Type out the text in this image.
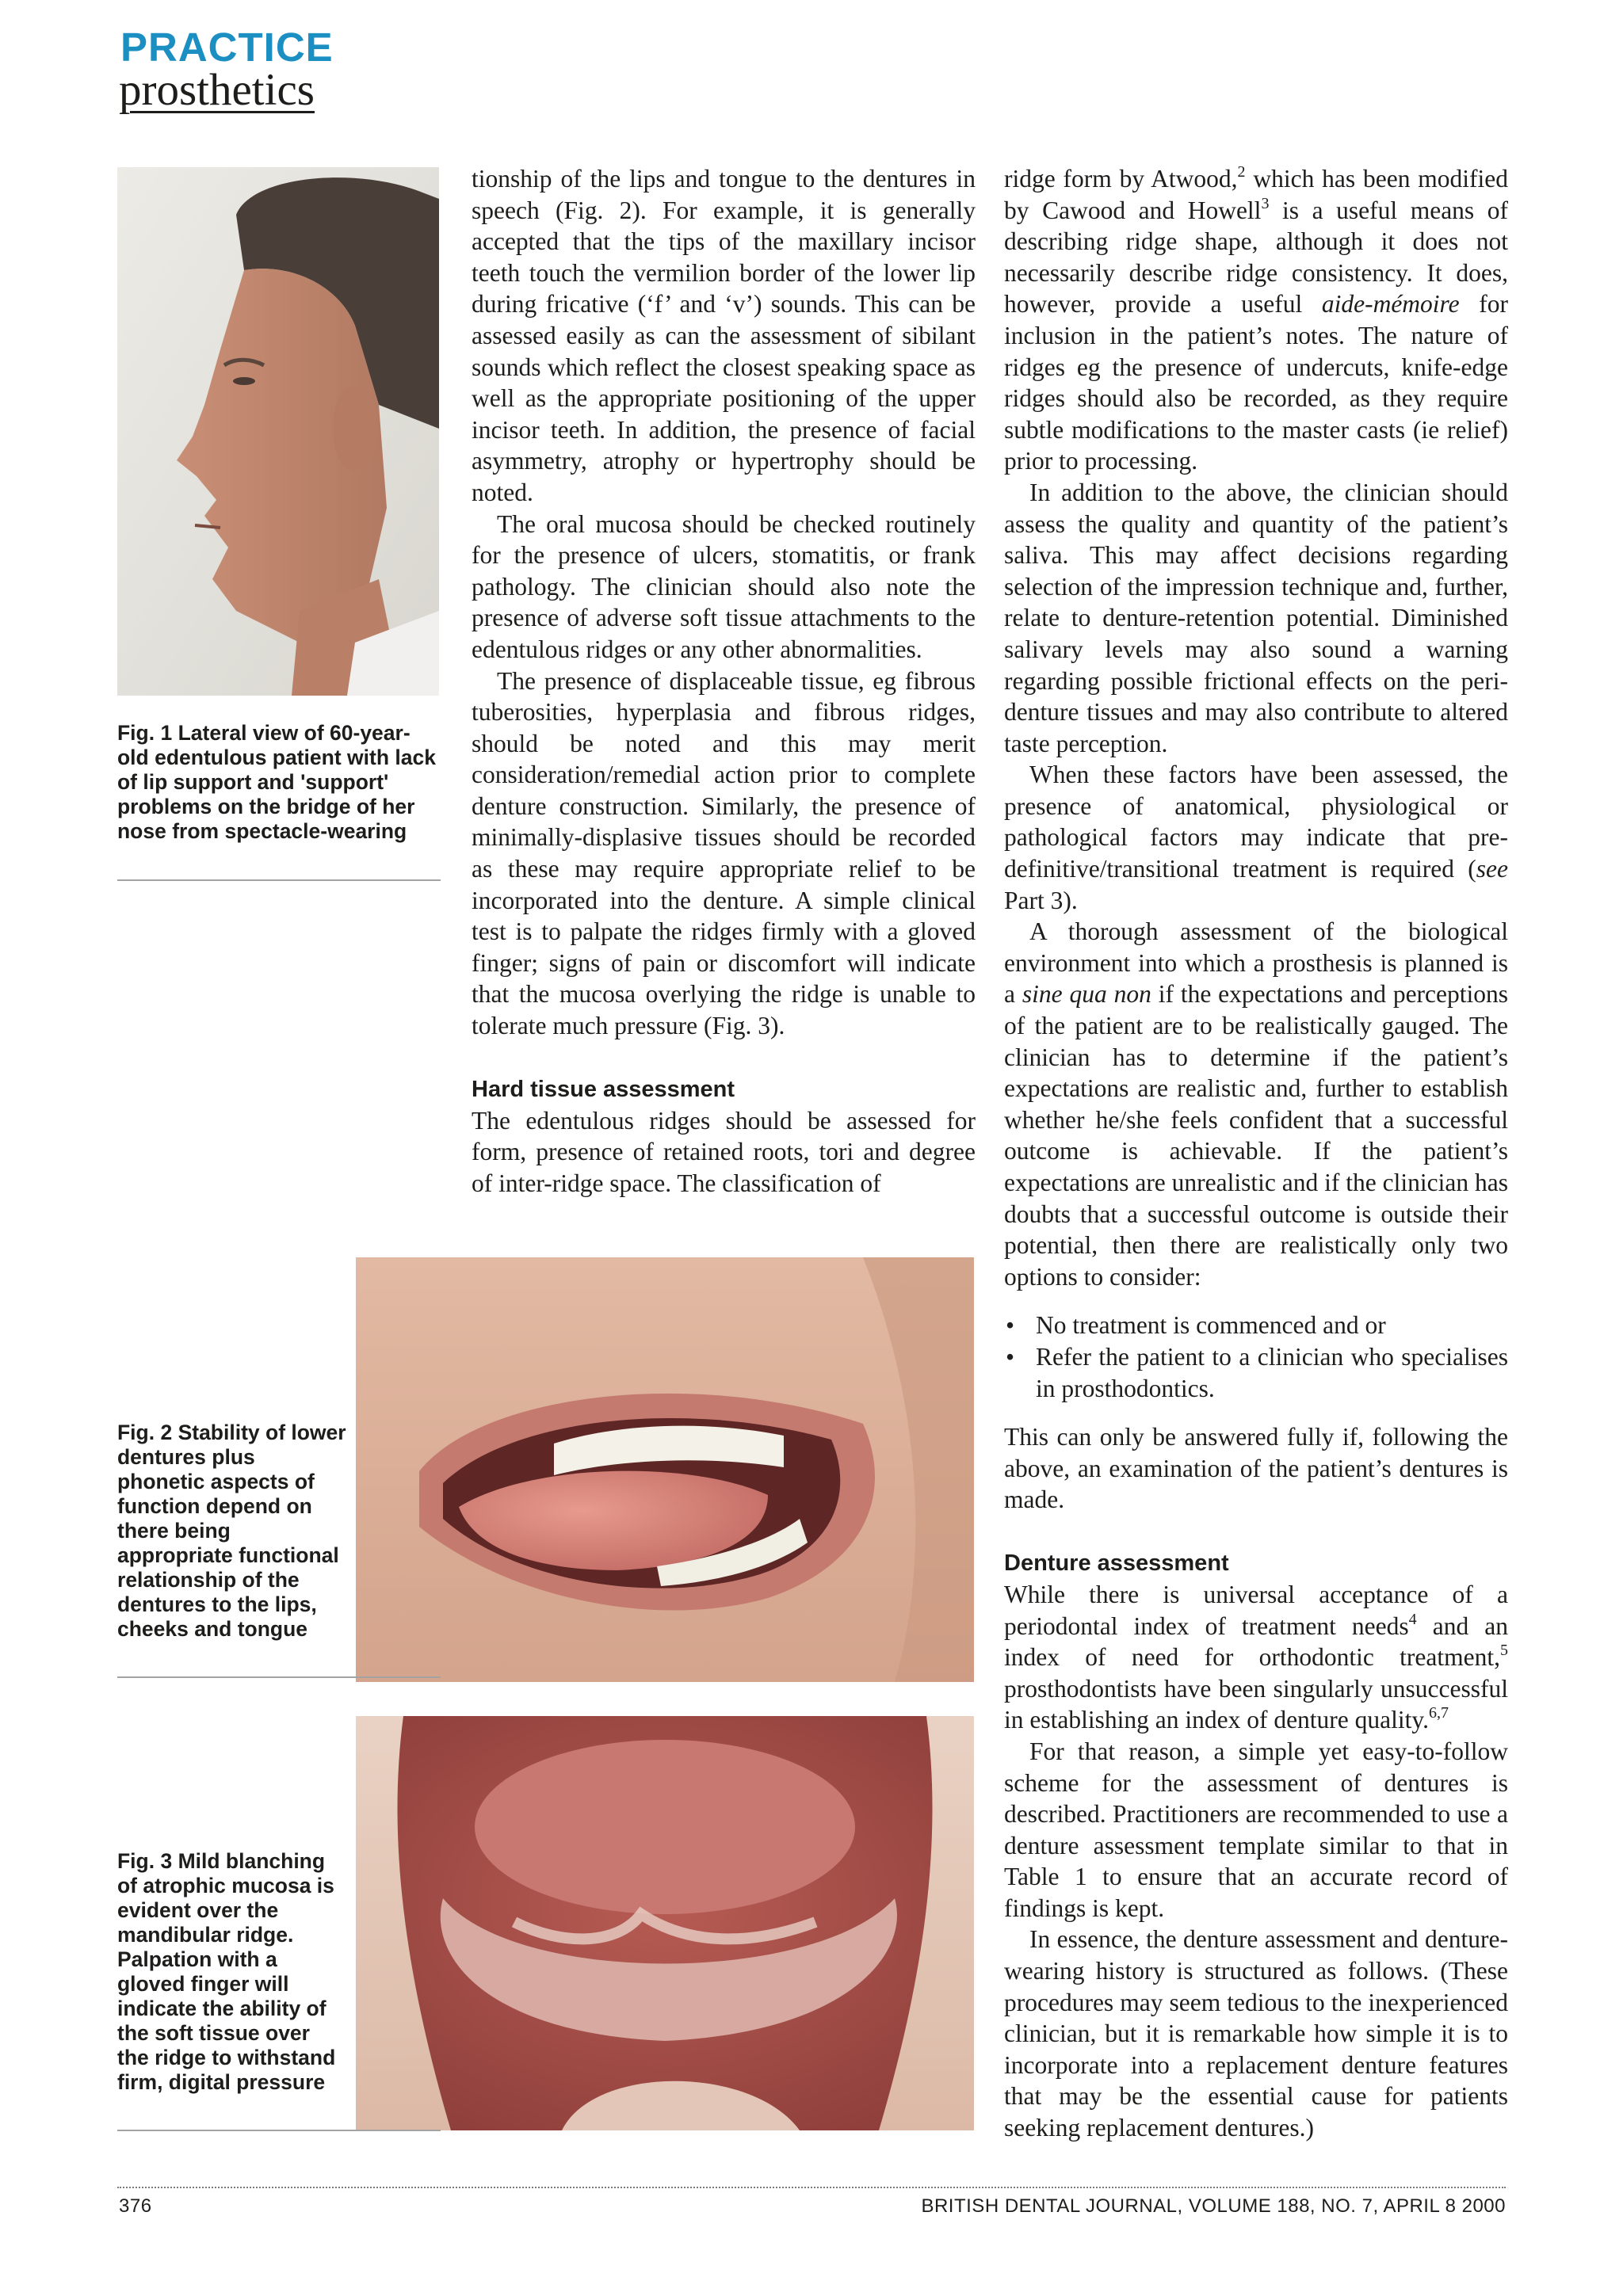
PRACTICE
prosthetics
Fig. 1 Lateral view of 60-year-old edentulous patient with lack of lip support and 'support' problems on the bridge of her nose from spectacle-wearing
Fig. 2 Stability of lower dentures plus phonetic aspects of function depend on there being appropriate functional relationship of the dentures to the lips, cheeks and tongue
Fig. 3 Mild blanching of atrophic mucosa is evident over the mandibular ridge. Palpation with a gloved finger will indicate the ability of the soft tissue over the ridge to withstand firm, digital pressure

tionship of the lips and tongue to the dentures in speech (Fig. 2). For example, it is generally accepted that the tips of the maxillary incisor teeth touch the vermilion border of the lower lip during fricative (‘f’ and ‘v’) sounds. This can be assessed easily as can the assessment of sibilant sounds which reflect the closest speaking space as well as the appropriate positioning of the upper incisor teeth. In addition, the presence of facial asymmetry, atrophy or hypertrophy should be noted.

The oral mucosa should be checked routinely for the presence of ulcers, stomatitis, or frank pathology. The clinician should also note the presence of adverse soft tissue attachments to the edentulous ridges or any other abnormalities.

The presence of displaceable tissue, eg fibrous tuberosities, hyperplasia and fibrous ridges, should be noted and this may merit consideration/remedial action prior to complete denture construction. Similarly, the presence of minimally-displasive tissues should be recorded as these may require appropriate relief to be incorporated into the denture. A simple clinical test is to palpate the ridges firmly with a gloved finger; signs of pain or discomfort will indicate that the mucosa overlying the ridge is unable to tolerate much pressure (Fig. 3).

Hard tissue assessment

The edentulous ridges should be assessed for form, presence of retained roots, tori and degree of inter-ridge space. The classification of

ridge form by Atwood,$^2$ which has been modified by Cawood and Howell$^3$ is a useful means of describing ridge shape, although it does not necessarily describe ridge consistency. It does, however, provide a useful aide-mémoire for inclusion in the patient’s notes. The nature of ridges eg the presence of undercuts, knife-edge ridges should also be recorded, as they require subtle modifications to the master casts (ie relief) prior to processing.

In addition to the above, the clinician should assess the quality and quantity of the patient’s saliva. This may affect decisions regarding selection of the impression technique and, further, relate to denture-retention potential. Diminished salivary levels may also sound a warning regarding possible frictional effects on the peri-denture tissues and may also contribute to altered taste perception.

When these factors have been assessed, the presence of anatomical, physiological or pathological factors may indicate that pre-definitive/transitional treatment is required (see Part 3).

A thorough assessment of the biological environment into which a prosthesis is planned is a sine qua non if the expectations and perceptions of the patient are to be realistically gauged. The clinician has to determine if the patient’s expectations are realistic and, further to establish whether he/she feels confident that a successful outcome is achievable. If the patient’s expectations are unrealistic and if the clinician has doubts that a successful outcome is outside their potential, then there are realistically only two options to consider:

• No treatment is commenced and or
• Refer the patient to a clinician who specialises in prosthodontics.

This can only be answered fully if, following the above, an examination of the patient’s dentures is made.

Denture assessment

While there is universal acceptance of a periodontal index of treatment needs$^4$ and an index of need for orthodontic treatment,$^5$ prosthodontists have been singularly unsuccessful in establishing an index of denture quality.$^{6,7}$

For that reason, a simple yet easy-to-follow scheme for the assessment of dentures is described. Practitioners are recommended to use a denture assessment template similar to that in Table 1 to ensure that an accurate record of findings is kept.

In essence, the denture assessment and denture-wearing history is structured as follows. (These procedures may seem tedious to the inexperienced clinician, but it is remarkable how simple it is to incorporate into a replacement denture features that may be the essential cause for patients seeking replacement dentures.)

376	BRITISH DENTAL JOURNAL, VOLUME 188, NO. 7, APRIL 8 2000
